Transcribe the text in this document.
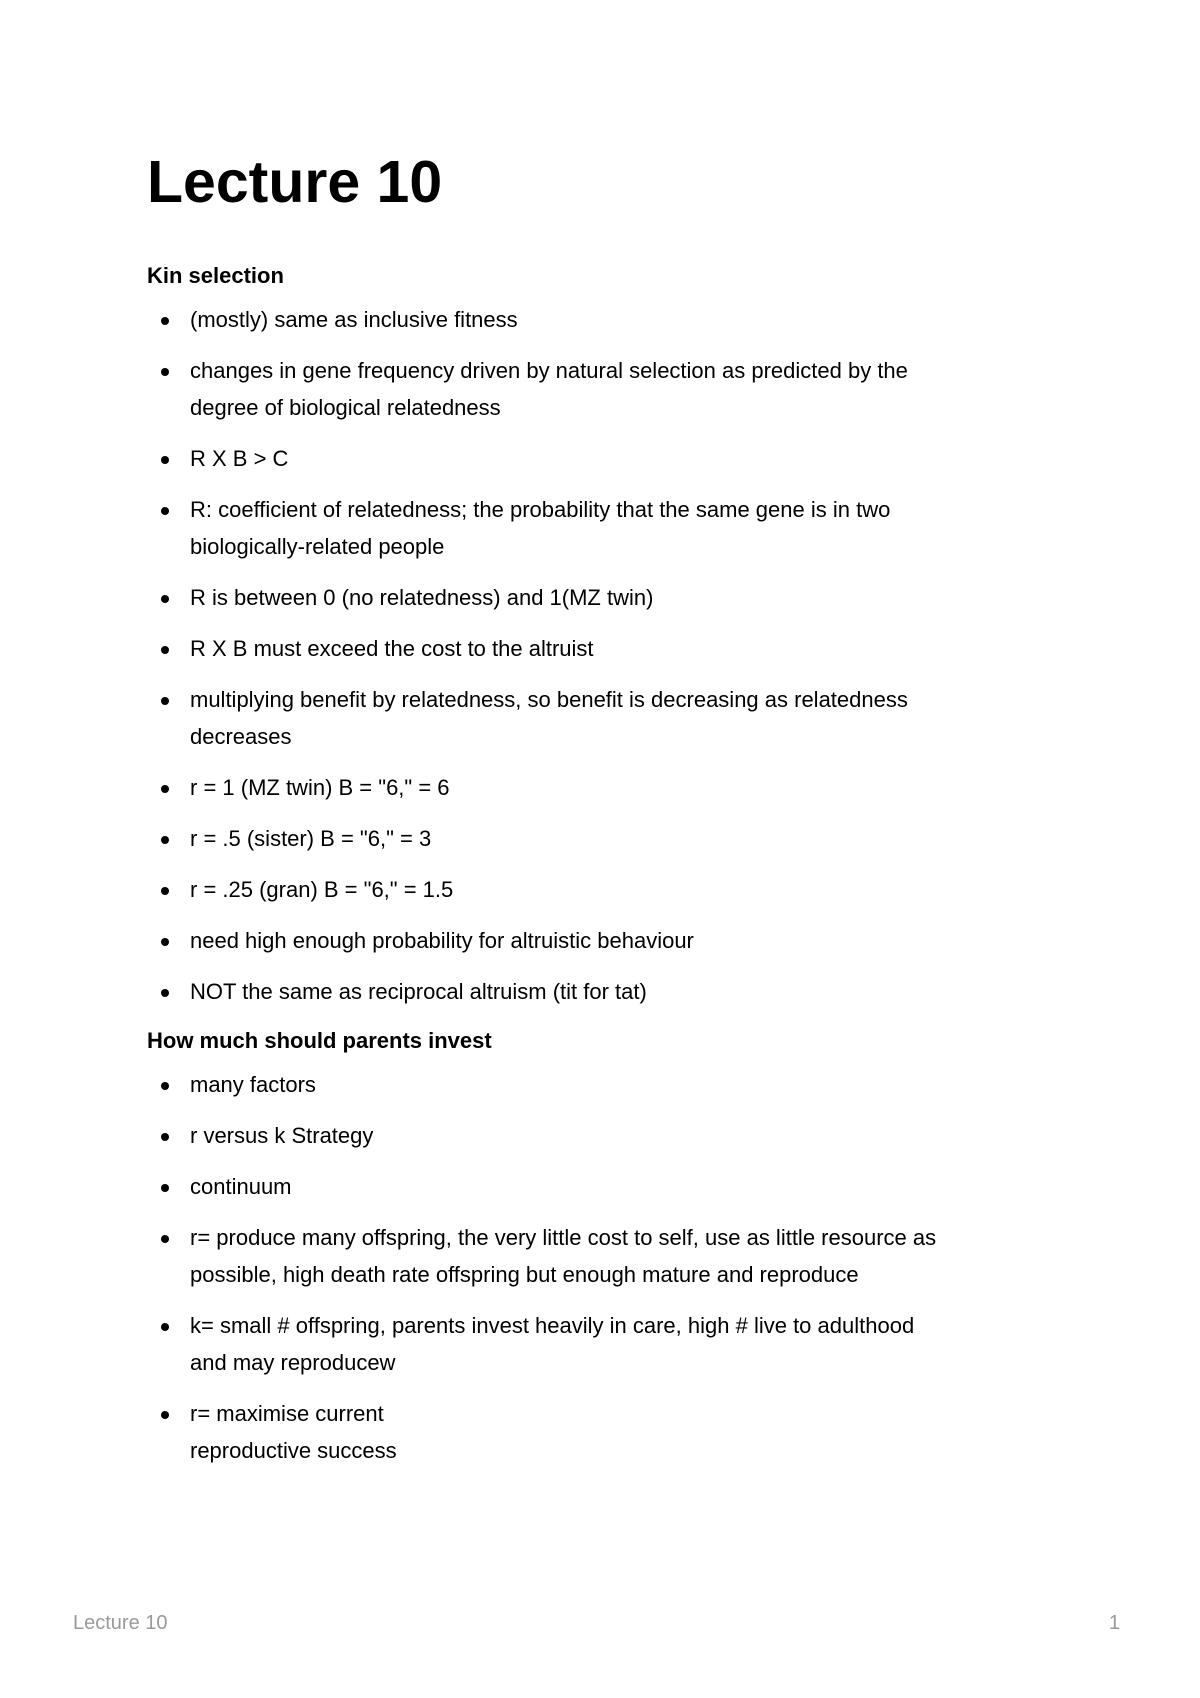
Lecture 10
Kin selection
(mostly) same as inclusive fitness
changes in gene frequency driven by natural selection as predicted by the
degree of biological relatedness
R X B > C
R: coefficient of relatedness; the probability that the same gene is in two
biologically-related people
R is between 0 (no relatedness) and 1(MZ twin)
R X B must exceed the cost to the altruist
multiplying benefit by relatedness, so benefit is decreasing as relatedness
decreases
r = 1 (MZ twin) B = "6," = 6
r = .5 (sister) B = "6," = 3
r = .25 (gran) B = "6," = 1.5
need high enough probability for altruistic behaviour
NOT the same as reciprocal altruism (tit for tat)
How much should parents invest
many factors
r versus k Strategy
continuum
r= produce many offspring, the very little cost to self, use as little resource as
possible, high death rate offspring but enough mature and reproduce
k= small # offspring, parents invest heavily in care, high # live to adulthood
and may reproducew
r= maximise current
reproductive success
Lecture 10	1
